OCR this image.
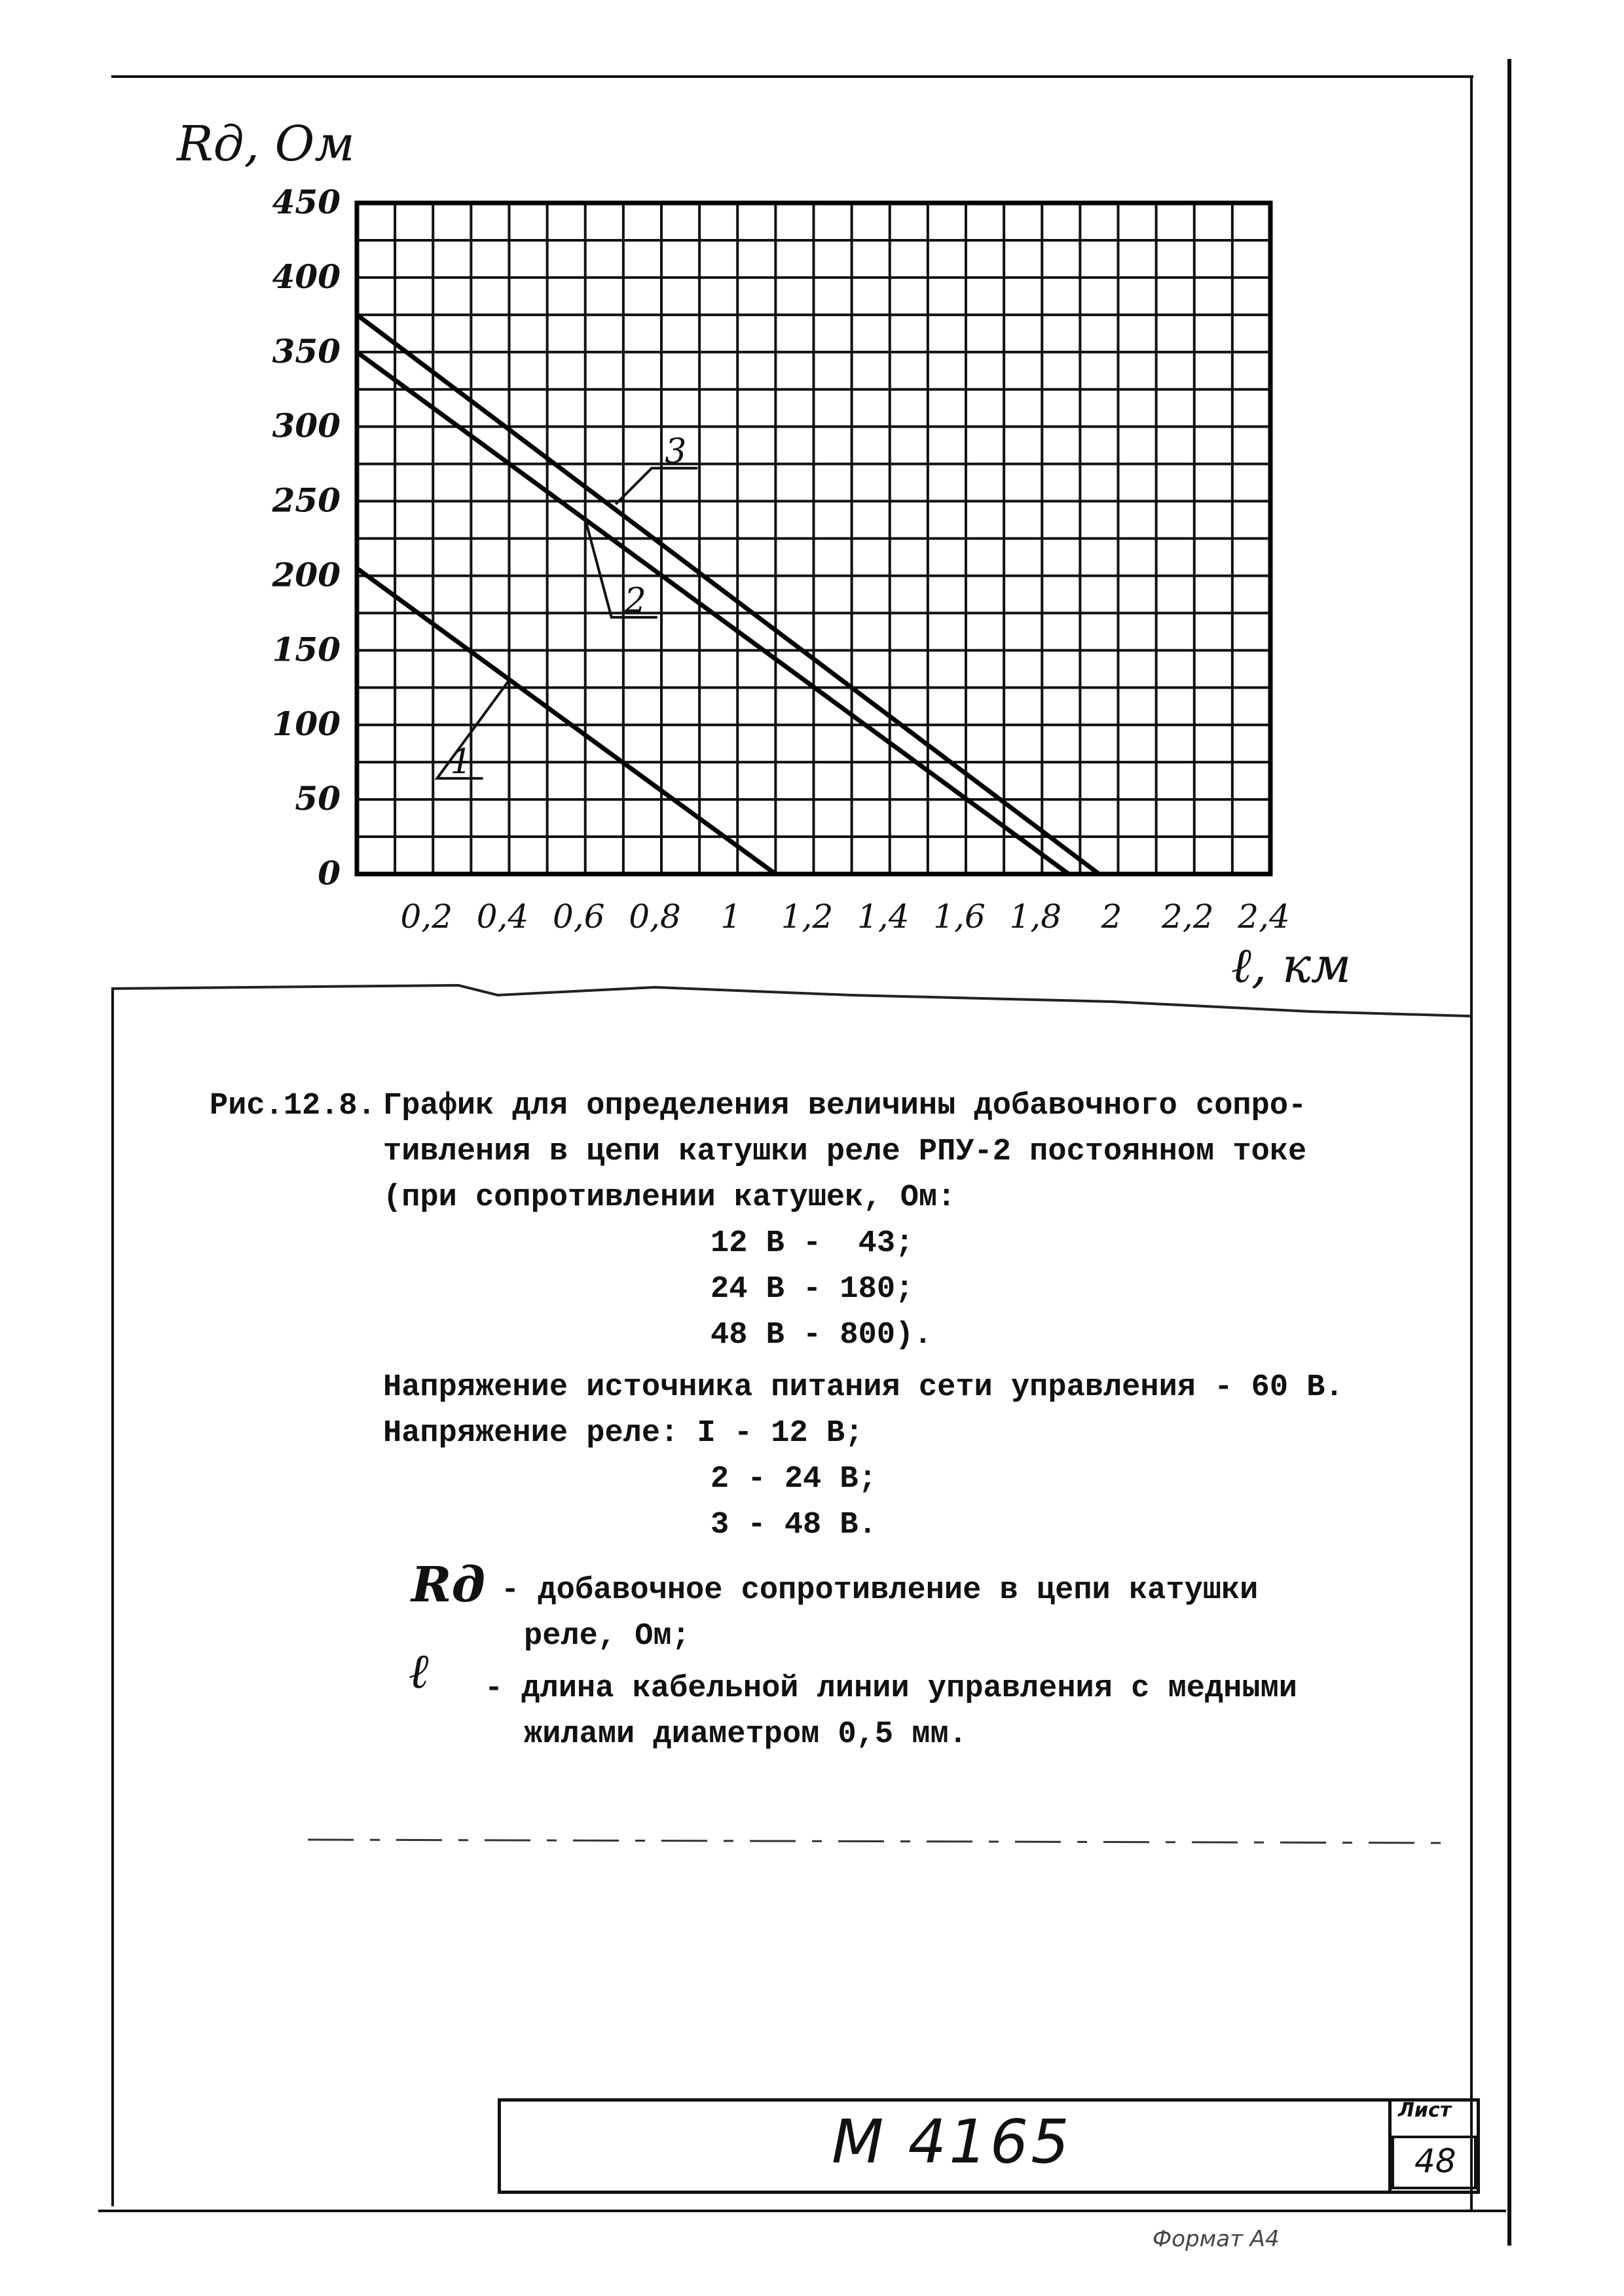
1
2
3
0,2 0,4 0,6 0,8 1 1,2 1,4 1,6 1,8 2 2,2 2,4
0
50
100
150
200
250
300
350
400
450
Rд, Ом
ℓ, км
Рис.12.8. График для определения величины добавочного сопро-
тивления в цепи катушки реле РПУ-2 постоянном токе
(при сопротивлении катушек, Ом:
12 В -  43;
24 В - 180;
48 В - 800).
Напряжение источника питания сети управления - 60 В.
Напряжение реле: I - 12 В;
2 - 24 В;
3 - 48 В.
Rд - добавочное сопротивление в цепи катушки
реле, Ом;
ℓ - длина кабельной линии управления с медными
жилами диаметром 0,5 мм.
М 4165	Лист
48
Формат А4
